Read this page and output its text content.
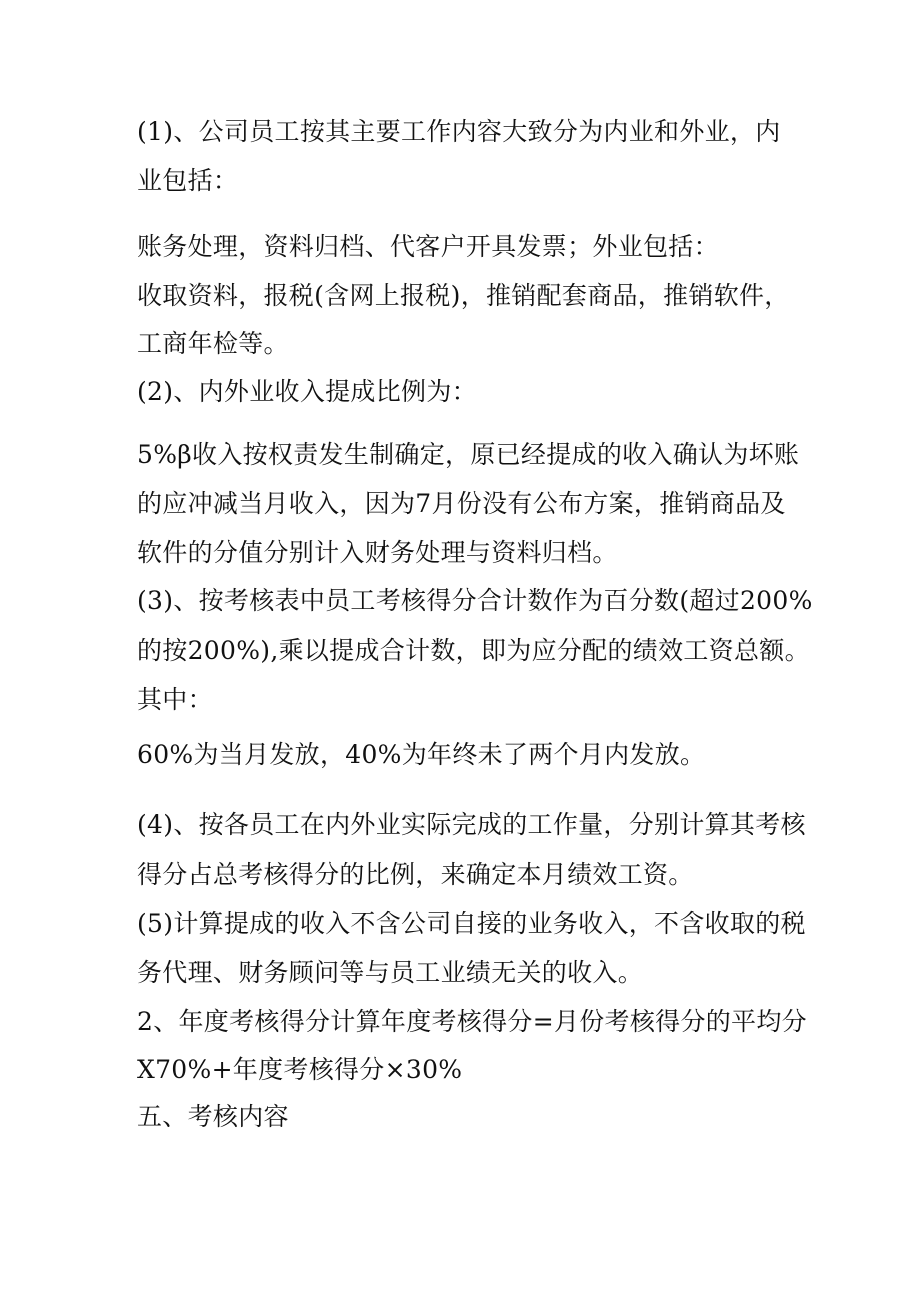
(1)、公司员工按其主要工作内容大致分为内业和外业，内
业包括：
账务处理，资料归档、代客户开具发票；外业包括：
收取资料，报税(含网上报税)，推销配套商品，推销软件，
工商年检等。
(2)、内外业收入提成比例为：
5%β收入按权责发生制确定，原已经提成的收入确认为坏账
的应冲减当月收入，因为7月份没有公布方案，推销商品及
软件的分值分别计入财务处理与资料归档。
(3)、按考核表中员工考核得分合计数作为百分数(超过200%
的按200%),乘以提成合计数，即为应分配的绩效工资总额。
其中：
60%为当月发放，40%为年终未了两个月内发放。
(4)、按各员工在内外业实际完成的工作量，分别计算其考核
得分占总考核得分的比例，来确定本月绩效工资。
(5)计算提成的收入不含公司自接的业务收入，不含收取的税
务代理、财务顾问等与员工业绩无关的收入。
2、年度考核得分计算年度考核得分=月份考核得分的平均分
X70%+年度考核得分×30%
五、考核内容
